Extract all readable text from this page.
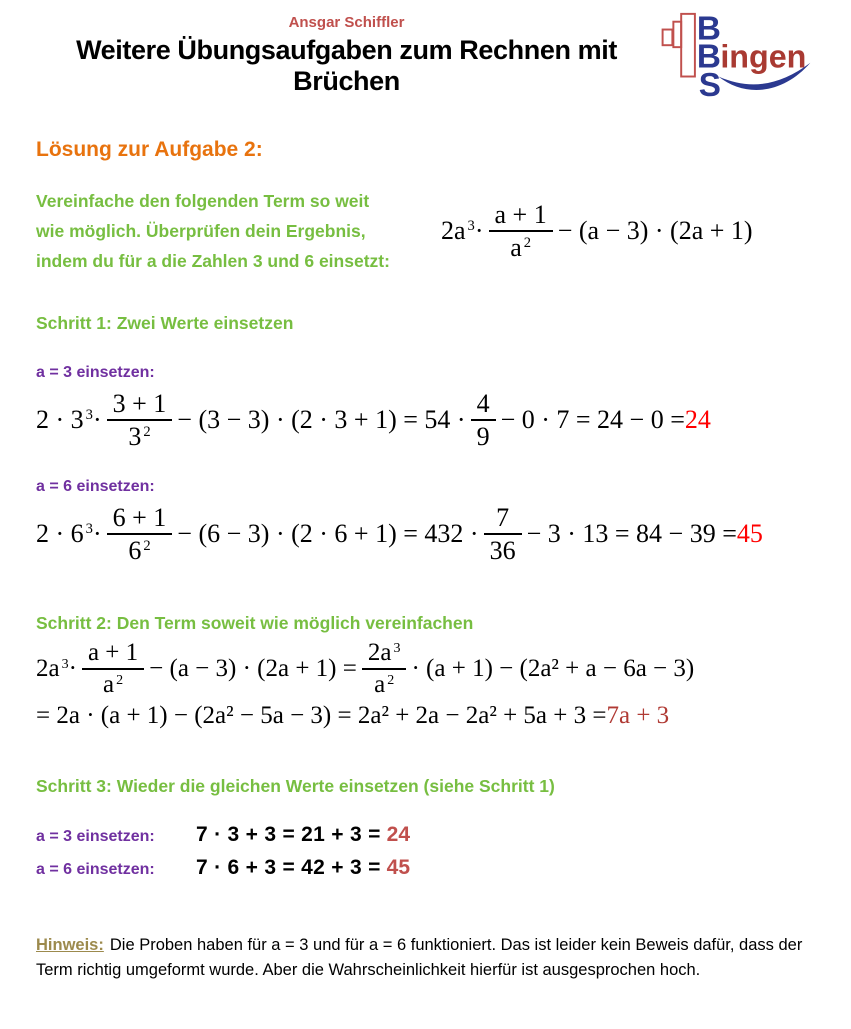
Ansgar Schiffler
Weitere Übungsaufgaben zum Rechnen mit Brüchen
B
B ingen
S
Lösung zur Aufgabe 2:
Vereinfache den folgenden Term so weit
wie möglich. Überprüfen dein Ergebnis,
indem du für a die Zahlen 3 und 6 einsetzt:
2a $^3 \cdot \frac{a + 1}{a ^2} - (a - 3) \cdot (2a + 1)$
Schritt 1: Zwei Werte einsetzen
a = 3 einsetzen:
2 · 3 $^3 \cdot \frac{3 + 1}{3 ^2} - (3 - 3) \cdot (2 \cdot 3 + 1) = 54 \cdot \frac{4}{9} - 0 \cdot 7 = 24 - 0 = 24$
a = 6 einsetzen:
2 · 6 $^3 \cdot \frac{6 + 1}{6 ^2} - (6 - 3) \cdot (2 \cdot 6 + 1) = 432 \cdot \frac{7}{36} - 3 \cdot 13 = 84 - 39 = 45$
Schritt 2: Den Term soweit wie möglich vereinfachen
2a $^3 \cdot \frac{a + 1}{a ^2} - (a - 3) \cdot (2a + 1) = \frac{2a ^3}{a ^2} \cdot (a + 1) - (2a^2 + a - 6a - 3)$
= 2a · (a + 1) − (2a² − 5a − 3) = 2a² + 2a − 2a² + 5a + 3 = 7a + 3
Schritt 3: Wieder die gleichen Werte einsetzen (siehe Schritt 1)
a = 3 einsetzen:	7 · 3 + 3 = 21 + 3 = 24
a = 6 einsetzen:	7 · 6 + 3 = 42 + 3 = 45

Hinweis: Die Proben haben für a = 3 und für a = 6 funktioniert. Das ist leider kein Beweis dafür, dass der Term richtig umgeformt wurde. Aber die Wahrscheinlichkeit hierfür ist ausgesprochen hoch.
